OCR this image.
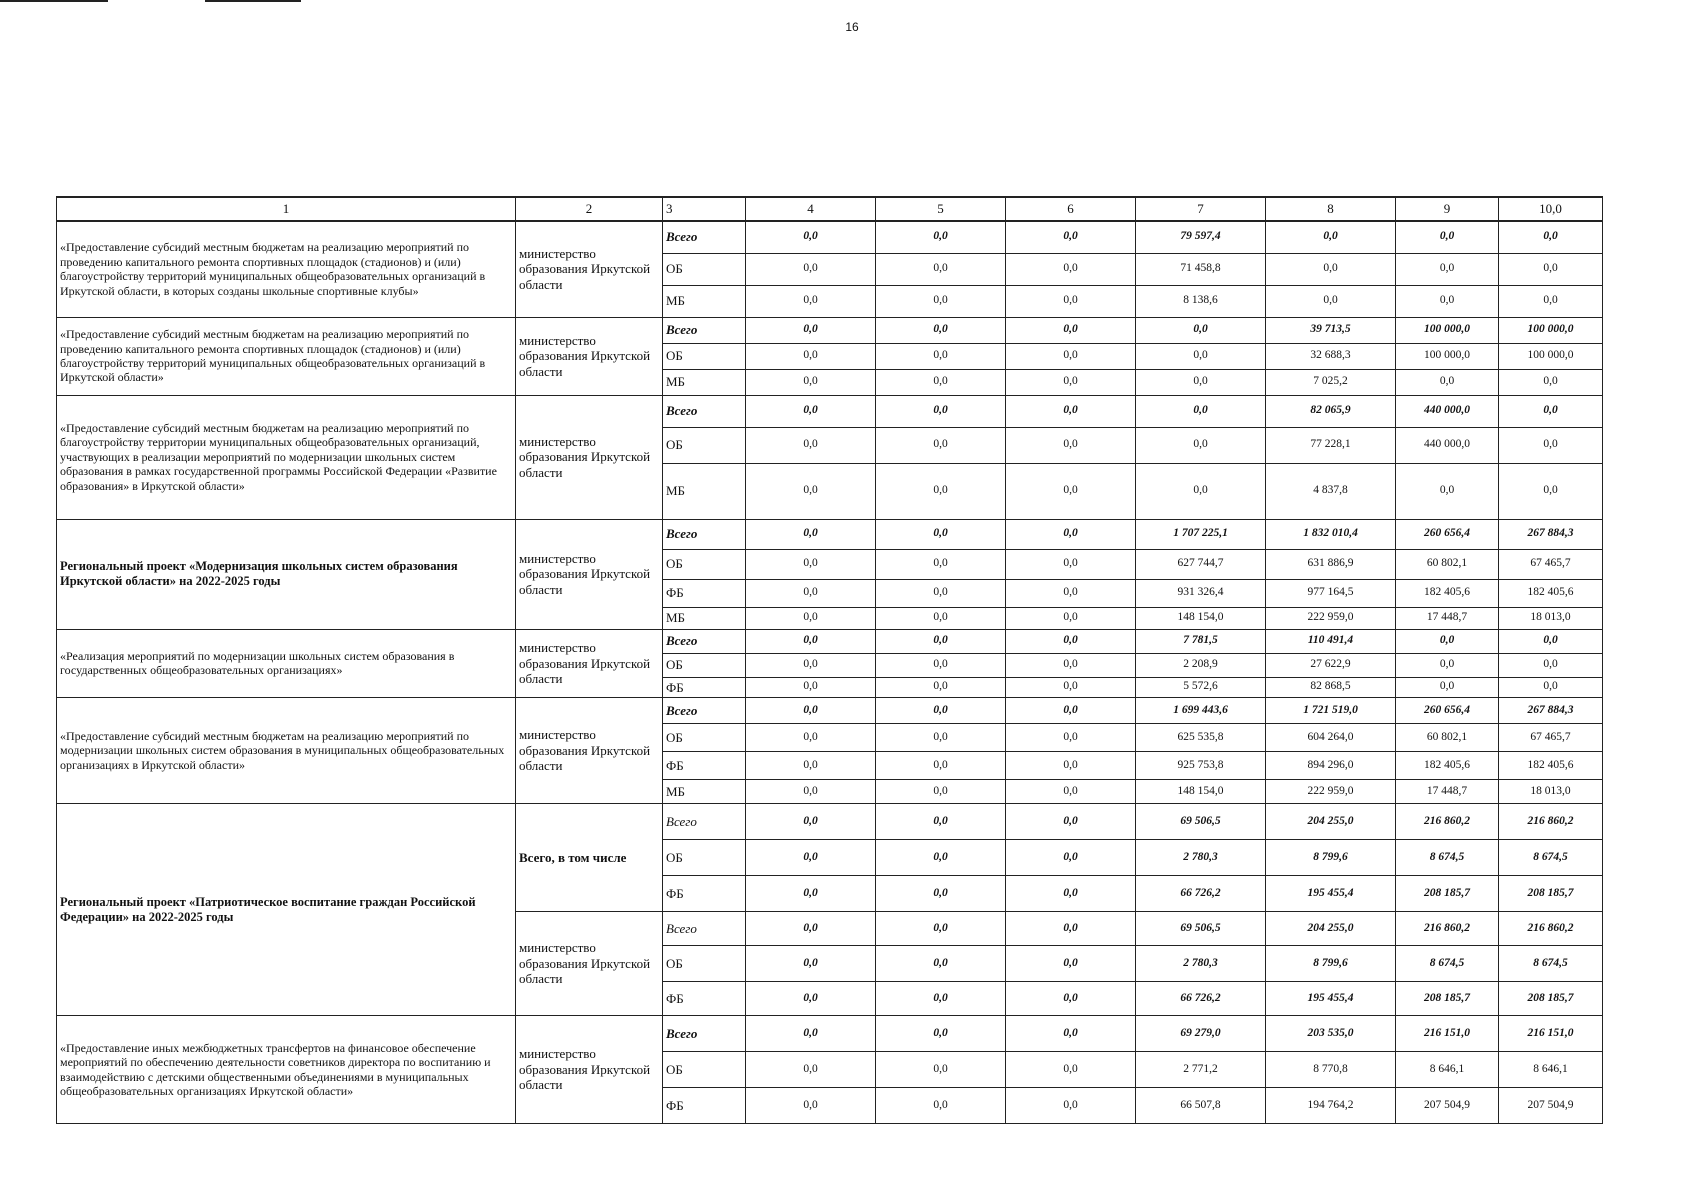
16
1	2	3	4	5	6	7	8	9	10,0
«Предоставление субсидий местным бюджетам на реализацию мероприятий по проведению капитального ремонта спортивных площадок (стадионов) и (или) благоустройству территорий муниципальных общеобразовательных организаций в Иркутской области, в которых созданы школьные спортивные клубы»	министерство образования Иркутской области	Всего	0,0	0,0	0,0	79 597,4	0,0	0,0	0,0
		ОБ	0,0	0,0	0,0	71 458,8	0,0	0,0	0,0
		МБ	0,0	0,0	0,0	8 138,6	0,0	0,0	0,0
«Предоставление субсидий местным бюджетам на реализацию мероприятий по проведению капитального ремонта спортивных площадок (стадионов) и (или) благоустройству территорий муниципальных общеобразовательных организаций в Иркутской области»	министерство образования Иркутской области	Всего	0,0	0,0	0,0	0,0	39 713,5	100 000,0	100 000,0
		ОБ	0,0	0,0	0,0	0,0	32 688,3	100 000,0	100 000,0
		МБ	0,0	0,0	0,0	0,0	7 025,2	0,0	0,0
«Предоставление субсидий местным бюджетам на реализацию мероприятий по благоустройству территории муниципальных общеобразовательных организаций, участвующих в реализации мероприятий по модернизации школьных систем образования в рамках государственной программы Российской Федерации «Развитие образования» в Иркутской области»	министерство образования Иркутской области	Всего	0,0	0,0	0,0	0,0	82 065,9	440 000,0	0,0
		ОБ	0,0	0,0	0,0	0,0	77 228,1	440 000,0	0,0
		МБ	0,0	0,0	0,0	0,0	4 837,8	0,0	0,0
Региональный проект «Модернизация школьных систем образования Иркутской области» на 2022-2025 годы	министерство образования Иркутской области	Всего	0,0	0,0	0,0	1 707 225,1	1 832 010,4	260 656,4	267 884,3
		ОБ	0,0	0,0	0,0	627 744,7	631 886,9	60 802,1	67 465,7
		ФБ	0,0	0,0	0,0	931 326,4	977 164,5	182 405,6	182 405,6
		МБ	0,0	0,0	0,0	148 154,0	222 959,0	17 448,7	18 013,0
«Реализация мероприятий по модернизации школьных систем образования в государственных общеобразовательных организациях»	министерство образования Иркутской области	Всего	0,0	0,0	0,0	7 781,5	110 491,4	0,0	0,0
		ОБ	0,0	0,0	0,0	2 208,9	27 622,9	0,0	0,0
		ФБ	0,0	0,0	0,0	5 572,6	82 868,5	0,0	0,0
«Предоставление субсидий местным бюджетам на реализацию мероприятий по модернизации школьных систем образования в муниципальных общеобразовательных организациях в Иркутской области»	министерство образования Иркутской области	Всего	0,0	0,0	0,0	1 699 443,6	1 721 519,0	260 656,4	267 884,3
		ОБ	0,0	0,0	0,0	625 535,8	604 264,0	60 802,1	67 465,7
		ФБ	0,0	0,0	0,0	925 753,8	894 296,0	182 405,6	182 405,6
		МБ	0,0	0,0	0,0	148 154,0	222 959,0	17 448,7	18 013,0
Региональный проект «Патриотическое воспитание граждан Российской Федерации» на 2022-2025 годы	Всего, в том числе	Всего	0,0	0,0	0,0	69 506,5	204 255,0	216 860,2	216 860,2
		ОБ	0,0	0,0	0,0	2 780,3	8 799,6	8 674,5	8 674,5
		ФБ	0,0	0,0	0,0	66 726,2	195 455,4	208 185,7	208 185,7
	министерство образования Иркутской области	Всего	0,0	0,0	0,0	69 506,5	204 255,0	216 860,2	216 860,2
		ОБ	0,0	0,0	0,0	2 780,3	8 799,6	8 674,5	8 674,5
		ФБ	0,0	0,0	0,0	66 726,2	195 455,4	208 185,7	208 185,7
«Предоставление иных межбюджетных трансфертов на финансовое обеспечение мероприятий по обеспечению деятельности советников директора по воспитанию и взаимодействию с детскими общественными объединениями в муниципальных общеобразовательных организациях Иркутской области»	министерство образования Иркутской области	Всего	0,0	0,0	0,0	69 279,0	203 535,0	216 151,0	216 151,0
		ОБ	0,0	0,0	0,0	2 771,2	8 770,8	8 646,1	8 646,1
		ФБ	0,0	0,0	0,0	66 507,8	194 764,2	207 504,9	207 504,9
